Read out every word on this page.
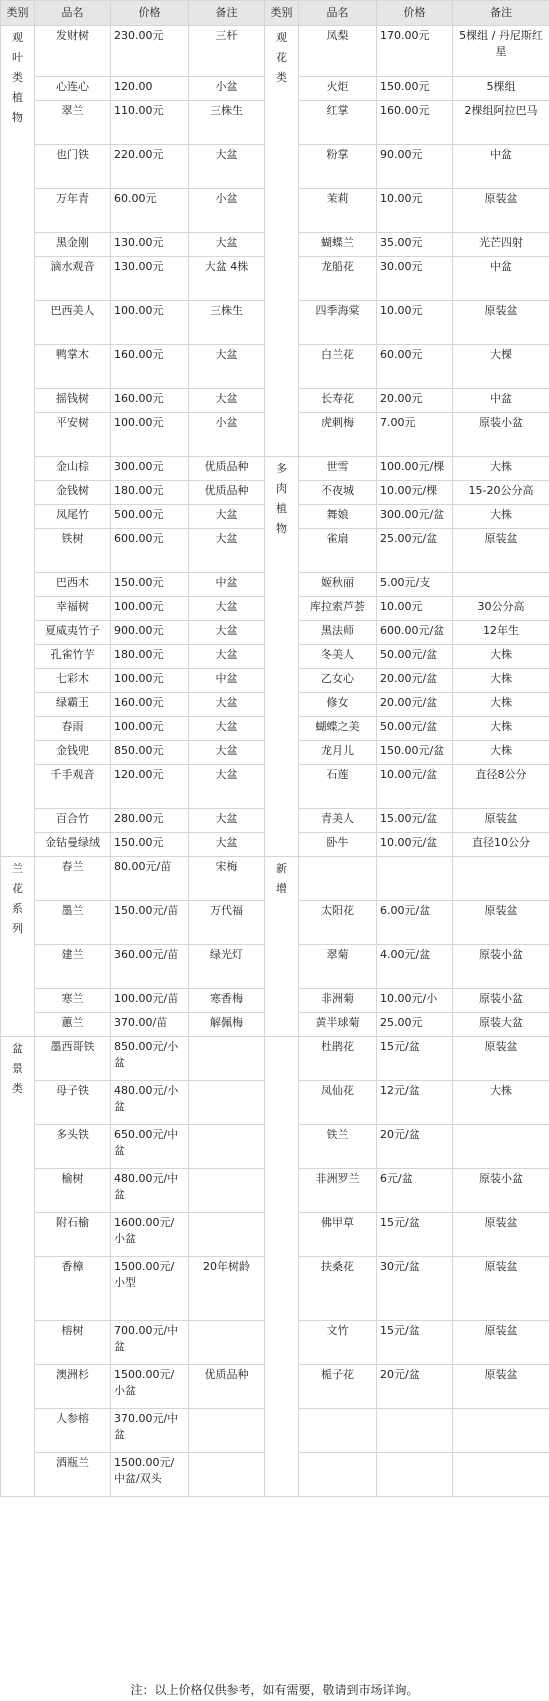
类别	品名	价格	备注	类别	品名	价格	备注

观叶类植物	发财树	230.00元	三杆	观花类	凤梨	170.00元	5棵组 / 丹尼斯红星
	心连心	120.00	小盆		火炬	150.00元	5棵组
	翠兰	110.00元	三株生		红掌	160.00元	2棵组阿拉巴马
	也门铁	220.00元	大盆		粉掌	90.00元	中盆
	万年青	60.00元	小盆		茉莉	10.00元	原装盆
	黑金刚	130.00元	大盆		蝴蝶兰	35.00元	光芒四射
	滴水观音	130.00元	大盆 4株		龙船花	30.00元	中盆
	巴西美人	100.00元	三株生		四季海棠	10.00元	原装盆
	鸭掌木	160.00元	大盆		白兰花	60.00元	大棵
	摇钱树	160.00元	大盆		长寿花	20.00元	中盆
	平安树	100.00元	小盆		虎刺梅	7.00元	原装小盆
	金山棕	300.00元	优质品种	多肉植物	世雪	100.00元/棵	大株
	金钱树	180.00元	优质品种		不夜城	10.00元/棵	15-20公分高
	凤尾竹	500.00元	大盆		舞娘	300.00元/盆	大株
	铁树	600.00元	大盆		雀扇	25.00元/盆	原装盆
	巴西木	150.00元	中盆		姬秋丽	5.00元/支	
	幸福树	100.00元	大盆		库拉索芦荟	10.00元	30公分高
	夏威夷竹子	900.00元	大盆		黑法师	600.00元/盆	12年生
	孔雀竹芋	180.00元	大盆		冬美人	50.00元/盆	大株
	七彩木	100.00元	中盆		乙女心	20.00元/盆	大株
	绿霸王	160.00元	大盆		修女	20.00元/盆	大株
	春雨	100.00元	大盆		蝴蝶之美	50.00元/盆	大株
	金钱兜	850.00元	大盆		龙月儿	150.00元/盆	大株
	千手观音	120.00元	大盆		石莲	10.00元/盆	直径8公分
	百合竹	280.00元	大盆		青美人	15.00元/盆	原装盆
	金钻曼绿绒	150.00元	大盆		卧牛	10.00元/盆	直径10公分

兰花系列	春兰	80.00元/苗	宋梅	新增			

	墨兰	150.00元/苗	万代福		太阳花	6.00元/盆	原装盆
	建兰	360.00元/苗	绿光灯		翠菊	4.00元/盆	原装小盆
	寒兰	100.00元/苗	寒香梅		非洲菊	10.00元/小	原装小盆
	蕙兰	370.00/苗	解佩梅		黄半球菊	25.00元	原装大盆

盆景类	墨西哥铁	850.00元/小盆			杜鹃花	15元/盆	原装盆
	母子铁	480.00元/小盆			凤仙花	12元/盆	大株
	多头铁	650.00元/中盆			铁兰	20元/盆	
	榆树	480.00元/中盆			非洲罗兰	6元/盆	原装小盆
	附石榆	1600.00元/小盆			佛甲草	15元/盆	原装盆
	香樟	1500.00元/小型	20年树龄		扶桑花	30元/盆	原装盆
	榕树	700.00元/中盆			文竹	15元/盆	原装盆
	澳洲杉	1500.00元/小盆	优质品种		栀子花	20元/盆	原装盆
	人参榕	370.00元/中盆					
	酒瓶兰	1500.00元/中盆/双头					
注：以上价格仅供参考，如有需要，敬请到市场详询。
